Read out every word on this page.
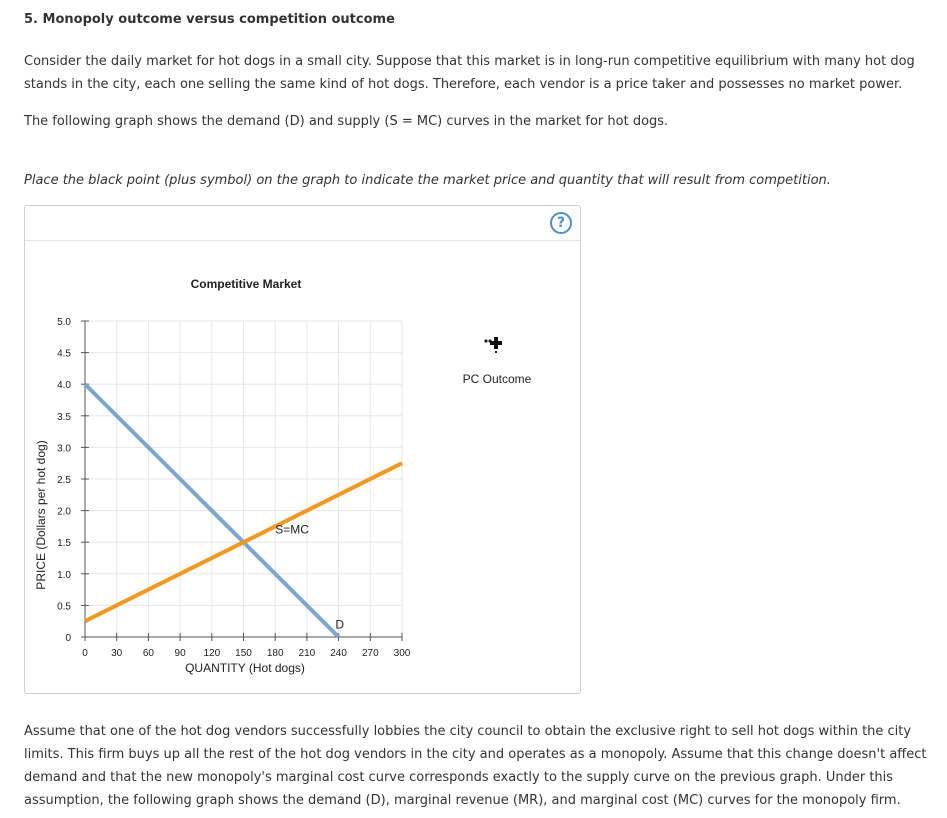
5. Monopoly outcome versus competition outcome
Consider the daily market for hot dogs in a small city. Suppose that this market is in long-run competitive equilibrium with many hot dog stands in the city, each one selling the same kind of hot dogs. Therefore, each vendor is a price taker and possesses no market power.
The following graph shows the demand (D) and supply (S = MC) curves in the market for hot dogs.
Place the black point (plus symbol) on the graph to indicate the market price and quantity that will result from competition.
?
0
0.5
1.0
1.5
2.0
2.5
3.0
3.5
4.0
4.5
5.0
0 30 60 90 120 150 180 210 240 270 300
S=MC
D
Competitive Market
QUANTITY (Hot dogs)
PRICE (Dollars per hot dog)
PC Outcome
Assume that one of the hot dog vendors successfully lobbies the city council to obtain the exclusive right to sell hot dogs within the city limits. This firm buys up all the rest of the hot dog vendors in the city and operates as a monopoly. Assume that this change doesn't affect demand and that the new monopoly's marginal cost curve corresponds exactly to the supply curve on the previous graph. Under this assumption, the following graph shows the demand (D), marginal revenue (MR), and marginal cost (MC) curves for the monopoly firm.
